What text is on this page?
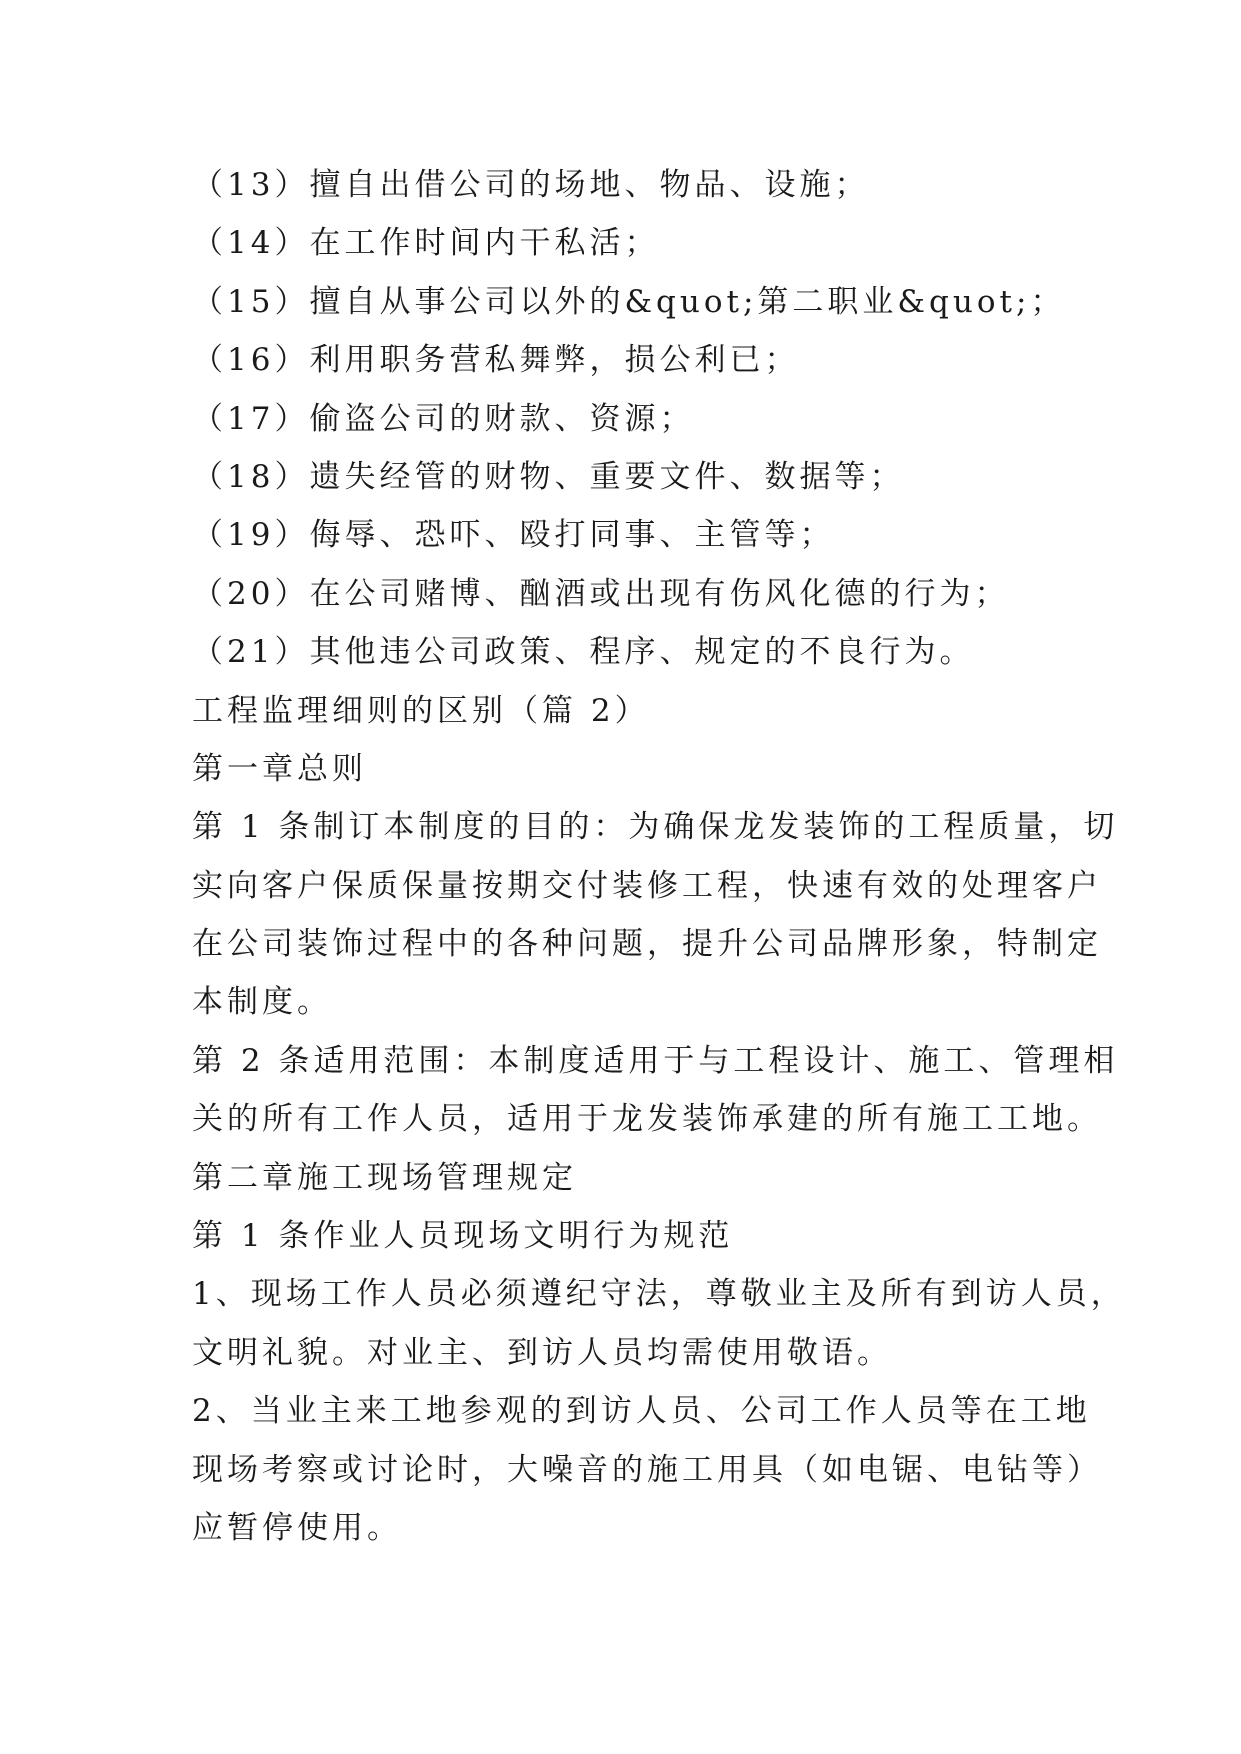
（13）擅自出借公司的场地、物品、设施；
（14）在工作时间内干私活；
（15）擅自从事公司以外的&quot;第二职业&quot;；
（16）利用职务营私舞弊，损公利已；
（17）偷盗公司的财款、资源；
（18）遗失经管的财物、重要文件、数据等；
（19）侮辱、恐吓、殴打同事、主管等；
（20）在公司赌博、酗酒或出现有伤风化德的行为；
（21）其他违公司政策、程序、规定的不良行为。
工程监理细则的区别（篇 2）
第一章总则
第 1 条制订本制度的目的：为确保龙发装饰的工程质量，切
实向客户保质保量按期交付装修工程，快速有效的处理客户
在公司装饰过程中的各种问题，提升公司品牌形象，特制定
本制度。
第 2 条适用范围：本制度适用于与工程设计、施工、管理相
关的所有工作人员，适用于龙发装饰承建的所有施工工地。
第二章施工现场管理规定
第 1 条作业人员现场文明行为规范
1、现场工作人员必须遵纪守法，尊敬业主及所有到访人员，
文明礼貌。对业主、到访人员均需使用敬语。
2、当业主来工地参观的到访人员、公司工作人员等在工地
现场考察或讨论时，大噪音的施工用具（如电锯、电钻等）
应暂停使用。
